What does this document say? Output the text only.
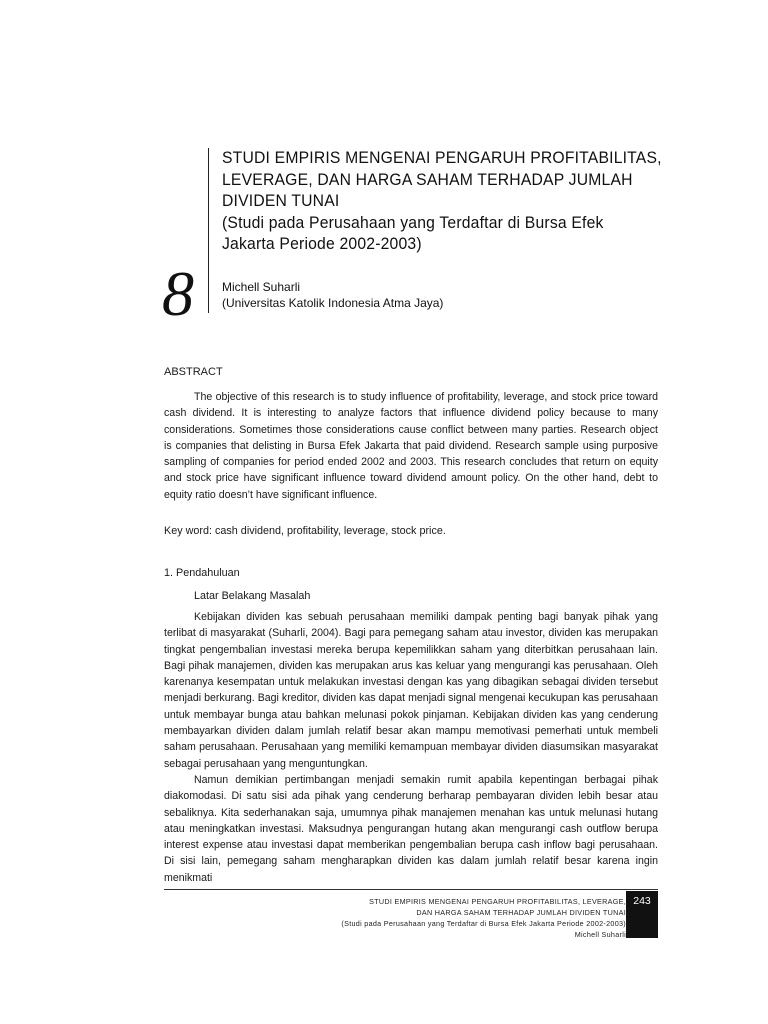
8
STUDI EMPIRIS MENGENAI PENGARUH PROFITABILITAS,
LEVERAGE, DAN HARGA SAHAM TERHADAP JUMLAH
DIVIDEN TUNAI
(Studi pada Perusahaan yang Terdaftar di Bursa Efek
Jakarta Periode 2002-2003)
Michell Suharli
(Universitas Katolik Indonesia Atma Jaya)
ABSTRACT

The objective of this research is to study influence of profitability, leverage, and stock price toward cash dividend. It is interesting to analyze factors that influence dividend policy because to many considerations. Sometimes those considerations cause conflict between many parties. Research object is companies that delisting in Bursa Efek Jakarta that paid dividend. Research sample using purposive sampling of companies for period ended 2002 and 2003. This research concludes that return on equity and stock price have significant influence toward dividend amount policy. On the other hand, debt to equity ratio doesn’t have significant influence.

Key word: cash dividend, profitability, leverage, stock price.
1. Pendahuluan
Latar Belakang Masalah

Kebijakan dividen kas sebuah perusahaan memiliki dampak penting bagi banyak pihak yang terlibat di masyarakat (Suharli, 2004). Bagi para pemegang saham atau investor, dividen kas merupakan tingkat pengembalian investasi mereka berupa kepemilikkan saham yang diterbitkan perusahaan lain. Bagi pihak manajemen, dividen kas merupakan arus kas keluar yang mengurangi kas perusahaan. Oleh karenanya kesempatan untuk melakukan investasi dengan kas yang dibagikan sebagai dividen tersebut menjadi berkurang. Bagi kreditor, dividen kas dapat menjadi signal mengenai kecukupan kas perusahaan untuk membayar bunga atau bahkan melunasi pokok pinjaman. Kebijakan dividen kas yang cenderung membayarkan dividen dalam jumlah relatif besar akan mampu memotivasi pemerhati untuk membeli saham perusahaan. Perusahaan yang memiliki kemampuan membayar dividen diasumsikan masyarakat sebagai perusahaan yang menguntungkan.

Namun demikian pertimbangan menjadi semakin rumit apabila kepentingan berbagai pihak diakomodasi. Di satu sisi ada pihak yang cenderung berharap pembayaran dividen lebih besar atau sebaliknya. Kita sederhanakan saja, umumnya pihak manajemen menahan kas untuk melunasi hutang atau meningkatkan investasi. Maksudnya pengurangan hutang akan mengurangi cash outflow berupa interest expense atau investasi dapat memberikan pengembalian berupa cash inflow bagi perusahaan. Di sisi lain, pemegang saham mengharapkan dividen kas dalam jumlah relatif besar karena ingin menikmati

STUDI EMPIRIS MENGENAI PENGARUH PROFITABILITAS, LEVERAGE,
DAN HARGA SAHAM TERHADAP JUMLAH DIVIDEN TUNAI
(Studi pada Perusahaan yang Terdaftar di Bursa Efek Jakarta Periode 2002-2003)
Michell Suharli
243
